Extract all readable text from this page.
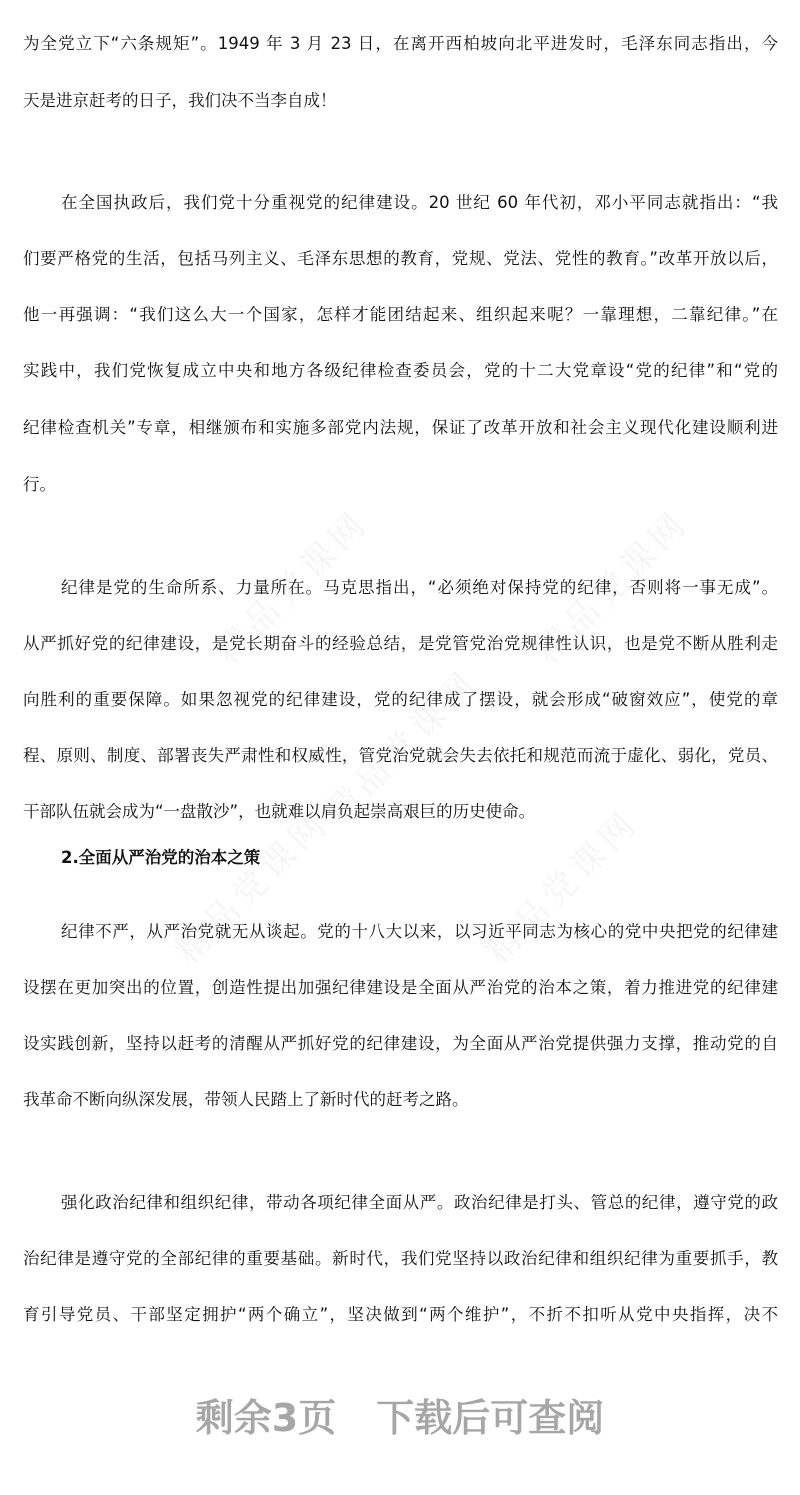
为全党立下“六条规矩”。1949 年 3 月 23 日，在离开西柏坡向北平进发时，毛泽东同志指出，今
天是进京赶考的日子，我们决不当李自成！
在全国执政后，我们党十分重视党的纪律建设。20 世纪 60 年代初，邓小平同志就指出：“我
们要严格党的生活，包括马列主义、毛泽东思想的教育，党规、党法、党性的教育。”改革开放以后，
他一再强调：“我们这么大一个国家，怎样才能团结起来、组织起来呢？一靠理想，二靠纪律。”在
实践中，我们党恢复成立中央和地方各级纪律检查委员会，党的十二大党章设“党的纪律”和“党的
纪律检查机关”专章，相继颁布和实施多部党内法规，保证了改革开放和社会主义现代化建设顺利进
行。
纪律是党的生命所系、力量所在。马克思指出，“必须绝对保持党的纪律，否则将一事无成”。
从严抓好党的纪律建设，是党长期奋斗的经验总结，是党管党治党规律性认识，也是党不断从胜利走
向胜利的重要保障。如果忽视党的纪律建设，党的纪律成了摆设，就会形成“破窗效应”，使党的章
程、原则、制度、部署丧失严肃性和权威性，管党治党就会失去依托和规范而流于虚化、弱化，党员、
干部队伍就会成为“一盘散沙”，也就难以肩负起崇高艰巨的历史使命。
2.全面从严治党的治本之策
纪律不严，从严治党就无从谈起。党的十八大以来，以习近平同志为核心的党中央把党的纪律建
设摆在更加突出的位置，创造性提出加强纪律建设是全面从严治党的治本之策，着力推进党的纪律建
设实践创新，坚持以赶考的清醒从严抓好党的纪律建设，为全面从严治党提供强力支撑，推动党的自
我革命不断向纵深发展，带领人民踏上了新时代的赶考之路。
强化政治纪律和组织纪律，带动各项纪律全面从严。政治纪律是打头、管总的纪律，遵守党的政
治纪律是遵守党的全部纪律的重要基础。新时代，我们党坚持以政治纪律和组织纪律为重要抓手，教
育引导党员、干部坚定拥护“两个确立”，坚决做到“两个维护”，不折不扣听从党中央指挥，决不
剩余3页 下载后可查阅
